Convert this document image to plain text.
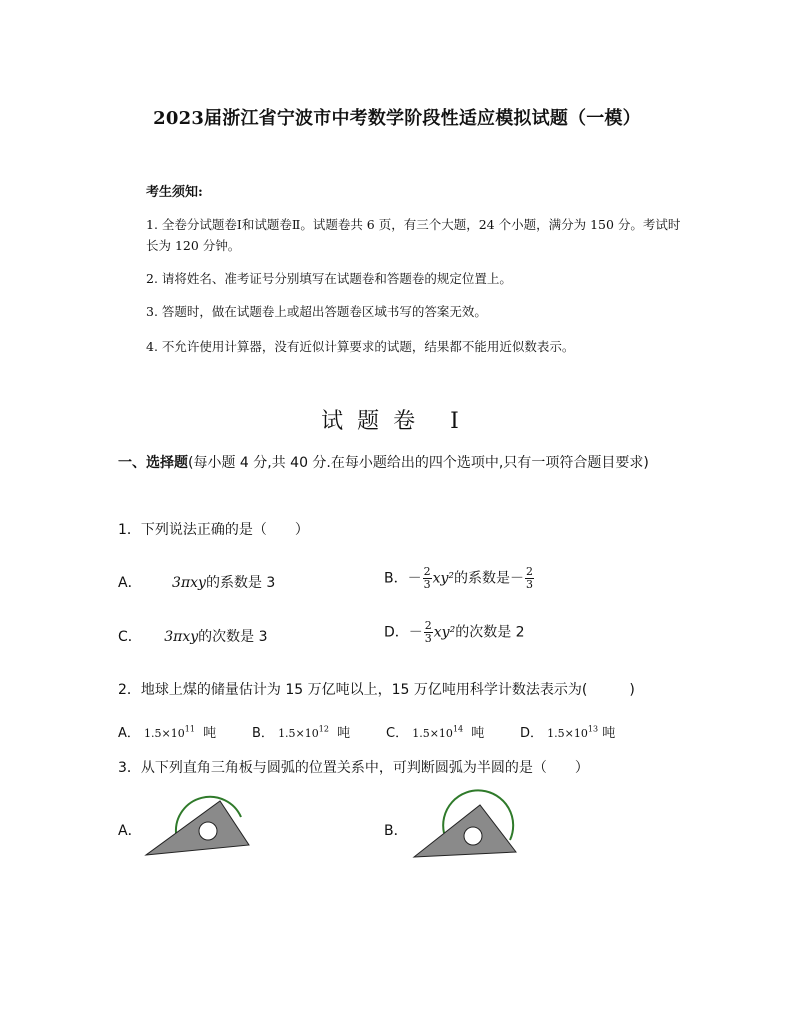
2023届浙江省宁波市中考数学阶段性适应模拟试题（一模）
考生须知:
1. 全卷分试题卷Ⅰ和试题卷Ⅱ。试题卷共 6 页，有三个大题，24 个小题，满分为 150 分。考试时长为 120 分钟。
2. 请将姓名、准考证号分别填写在试题卷和答题卷的规定位置上。
3. 答题时，做在试题卷上或超出答题卷区域书写的答案无效。
4. 不允许使用计算器，没有近似计算要求的试题，结果都不能用近似数表示。
试题卷 Ⅰ
一、选择题(每小题 4 分,共 40 分.在每小题给出的四个选项中,只有一项符合题目要求)
1．下列说法正确的是（　　）
A． 3πxy的系数是 3	B．－ $\frac{2}{3} xy^2$的系数是－ $\frac{2}{3}$
C． 3πxy的次数是 3	D．－ $\frac{2}{3} xy^2$的次数是 2
2．地球上煤的储量估计为 15 万亿吨以上，15 万亿吨用科学计数法表示为(　　　)
A． $1.5\times 10^{11}$ 吨	B． $1.5\times 10^{12}$ 吨	C． $1.5\times 10^{14}$ 吨	D． $1.5\times 10^{13}$ 吨
3．从下列直角三角板与圆弧的位置关系中，可判断圆弧为半圆的是（　　）
A．	B．
